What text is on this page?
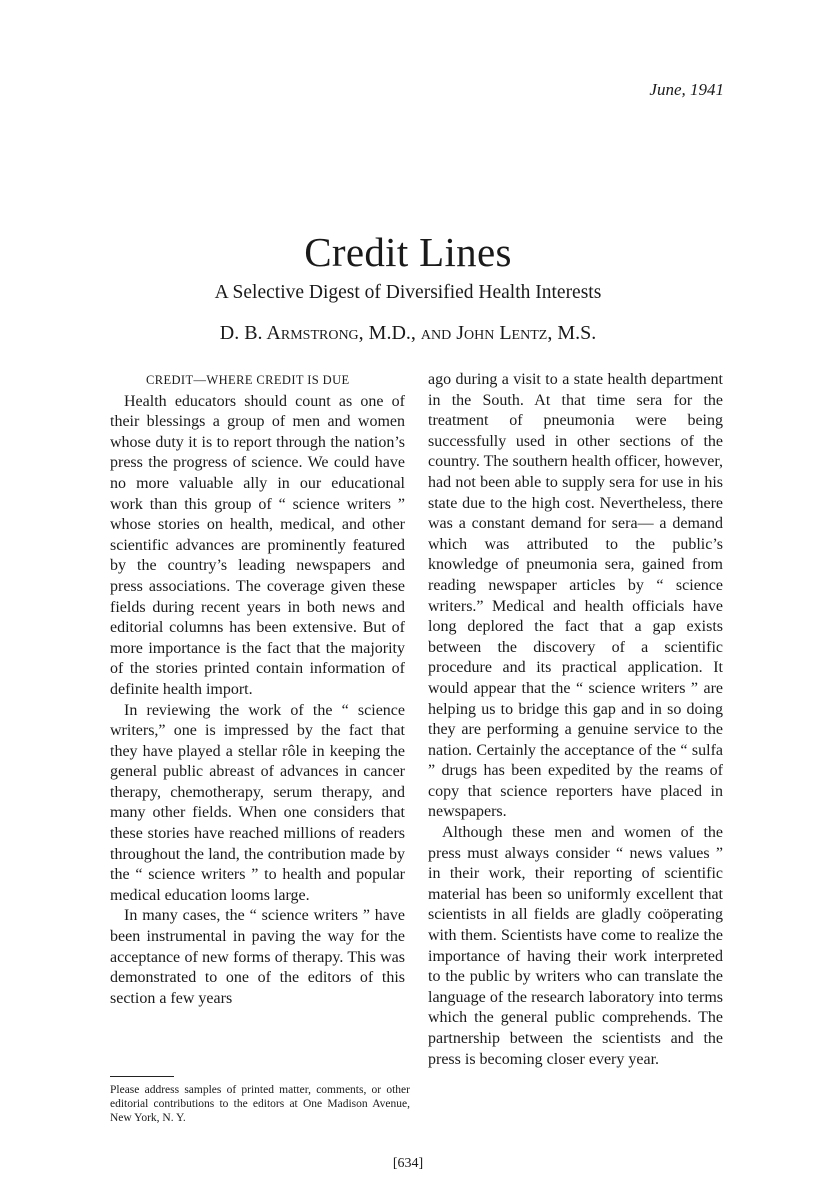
June, 1941
Credit Lines
A Selective Digest of Diversified Health Interests
D. B. Armstrong, M.D., and John Lentz, M.S.
CREDIT—WHERE CREDIT IS DUE

Health educators should count as one of their blessings a group of men and women whose duty it is to report through the nation’s press the progress of science. We could have no more valuable ally in our educational work than this group of “ science writers ” whose stories on health, medical, and other scientific advances are prominently featured by the country’s leading newspapers and press associations. The coverage given these fields during recent years in both news and editorial columns has been extensive. But of more importance is the fact that the majority of the stories printed contain information of definite health import.

In reviewing the work of the “ science writers,” one is impressed by the fact that they have played a stellar rôle in keeping the general public abreast of advances in cancer therapy, chemotherapy, serum therapy, and many other fields. When one considers that these stories have reached millions of readers throughout the land, the contribution made by the “ science writers ” to health and popular medical education looms large.

In many cases, the “ science writers ” have been instrumental in paving the way for the acceptance of new forms of therapy. This was demonstrated to one of the editors of this section a few years

ago during a visit to a state health department in the South. At that time sera for the treatment of pneumonia were being successfully used in other sections of the country. The southern health officer, however, had not been able to supply sera for use in his state due to the high cost. Nevertheless, there was a constant demand for sera— a demand which was attributed to the public’s knowledge of pneumonia sera, gained from reading newspaper articles by “ science writers.” Medical and health officials have long deplored the fact that a gap exists between the discovery of a scientific procedure and its practical application. It would appear that the “ science writers ” are helping us to bridge this gap and in so doing they are performing a genuine service to the nation. Certainly the acceptance of the “ sulfa ” drugs has been expedited by the reams of copy that science reporters have placed in newspapers.

Although these men and women of the press must always consider “ news values ” in their work, their reporting of scientific material has been so uniformly excellent that scientists in all fields are gladly coöperating with them. Scientists have come to realize the importance of having their work interpreted to the public by writers who can translate the language of the research laboratory into terms which the general public comprehends. The partnership between the scientists and the press is becoming closer every year.

Please address samples of printed matter, comments, or other editorial contributions to the editors at One Madison Avenue, New York, N. Y.
[634]
